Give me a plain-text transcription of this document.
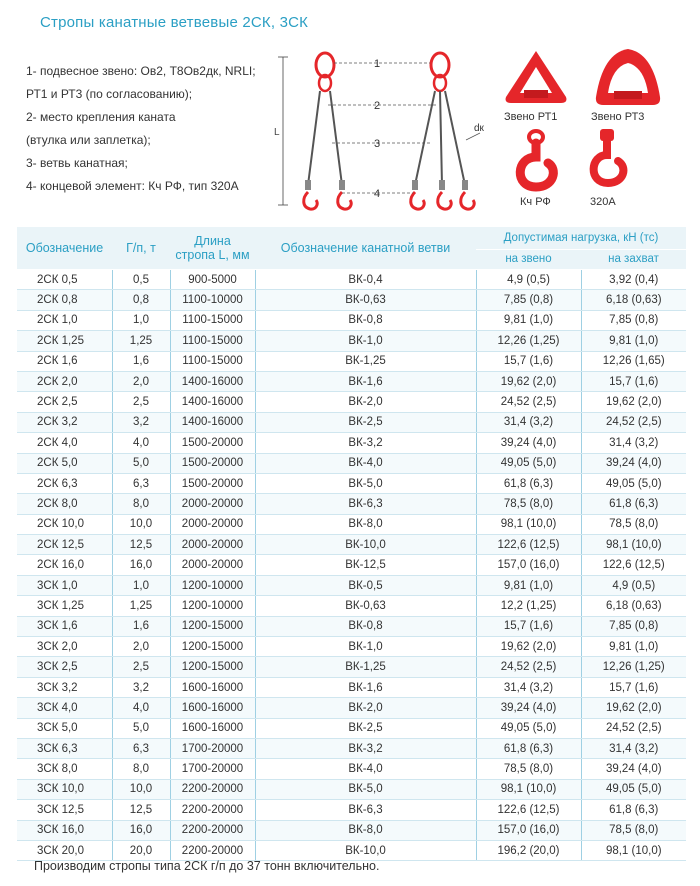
Стропы канатные ветвевые 2СК, 3СК
1- подвесное звено: Ов2, Т8Ов2дк, NRLI;
РТ1 и РТ3 (по согласованию);
2- место крепления каната
(втулка или заплетка);
3- ветвь канатная;
4- концевой элемент: Кч РФ, тип 320А
L
1
2
3
4
dк
Звено РТ1	Звено РТ3
Кч РФ	320А
Обозначение	Г/п, т	Длина
стропа L, мм	Обозначение канатной ветви	Допустимая нагрузка, кН (тс)	
				на звено	на захват
2СК 0,5	0,5	900-5000	ВК-0,4	4,9 (0,5)	3,92 (0,4)
2СК 0,8	0,8	1100-10000	ВК-0,63	7,85 (0,8)	6,18 (0,63)
2СК 1,0	1,0	1100-15000	ВК-0,8	9,81 (1,0)	7,85 (0,8)
2СК 1,25	1,25	1100-15000	ВК-1,0	12,26 (1,25)	9,81 (1,0)
2СК 1,6	1,6	1100-15000	ВК-1,25	15,7 (1,6)	12,26 (1,65)
2СК 2,0	2,0	1400-16000	ВК-1,6	19,62 (2,0)	15,7 (1,6)
2СК 2,5	2,5	1400-16000	ВК-2,0	24,52 (2,5)	19,62 (2,0)
2СК 3,2	3,2	1400-16000	ВК-2,5	31,4 (3,2)	24,52 (2,5)
2СК 4,0	4,0	1500-20000	ВК-3,2	39,24 (4,0)	31,4 (3,2)
2СК 5,0	5,0	1500-20000	ВК-4,0	49,05 (5,0)	39,24 (4,0)
2СК 6,3	6,3	1500-20000	ВК-5,0	61,8 (6,3)	49,05 (5,0)
2СК 8,0	8,0	2000-20000	ВК-6,3	78,5 (8,0)	61,8 (6,3)
2СК 10,0	10,0	2000-20000	ВК-8,0	98,1 (10,0)	78,5 (8,0)
2СК 12,5	12,5	2000-20000	ВК-10,0	122,6 (12,5)	98,1 (10,0)
2СК 16,0	16,0	2000-20000	ВК-12,5	157,0 (16,0)	122,6 (12,5)
3СК 1,0	1,0	1200-10000	ВК-0,5	9,81 (1,0)	4,9 (0,5)
3СК 1,25	1,25	1200-10000	ВК-0,63	12,2 (1,25)	6,18 (0,63)
3СК 1,6	1,6	1200-15000	ВК-0,8	15,7 (1,6)	7,85 (0,8)
3СК 2,0	2,0	1200-15000	ВК-1,0	19,62 (2,0)	9,81 (1,0)
3СК 2,5	2,5	1200-15000	ВК-1,25	24,52 (2,5)	12,26 (1,25)
3СК 3,2	3,2	1600-16000	ВК-1,6	31,4 (3,2)	15,7 (1,6)
3СК 4,0	4,0	1600-16000	ВК-2,0	39,24 (4,0)	19,62 (2,0)
3СК 5,0	5,0	1600-16000	ВК-2,5	49,05 (5,0)	24,52 (2,5)
3СК 6,3	6,3	1700-20000	ВК-3,2	61,8 (6,3)	31,4 (3,2)
3СК 8,0	8,0	1700-20000	ВК-4,0	78,5 (8,0)	39,24 (4,0)
3СК 10,0	10,0	2200-20000	ВК-5,0	98,1 (10,0)	49,05 (5,0)
3СК 12,5	12,5	2200-20000	ВК-6,3	122,6 (12,5)	61,8 (6,3)
3СК 16,0	16,0	2200-20000	ВК-8,0	157,0 (16,0)	78,5 (8,0)
3СК 20,0	20,0	2200-20000	ВК-10,0	196,2 (20,0)	98,1 (10,0)
Производим стропы типа 2СК г/п до 37 тонн включительно.
